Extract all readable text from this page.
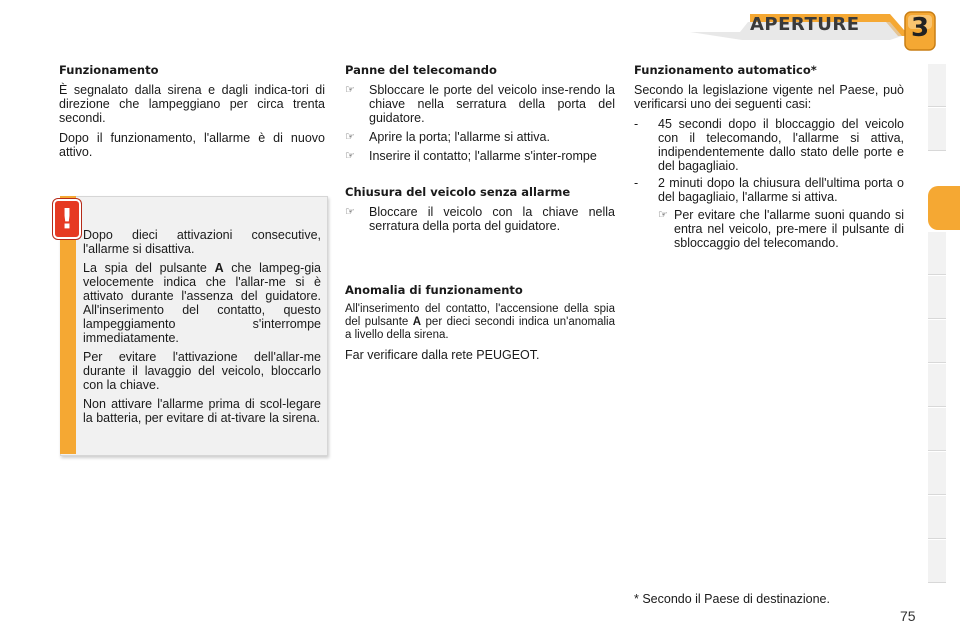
APERTURE	3
Funzionamento

È segnalato dalla sirena e dagli indica-tori di direzione che lampeggiano per circa trenta secondi.

Dopo il funzionamento, l'allarme è di nuovo attivo.

! Dopo dieci attivazioni consecutive, l'allarme si disattiva.

La spia del pulsante A che lampeg-gia velocemente indica che l'allar-me si è attivato durante l'assenza del guidatore. All'inserimento del contatto, questo lampeggiamento s'interrompe immediatamente.

Per evitare l'attivazione dell'allar-me durante il lavaggio del veicolo, bloccarlo con la chiave.

Non attivare l'allarme prima di scol-legare la batteria, per evitare di at-tivare la sirena.

Panne del telecomando
☞	Sbloccare le porte del veicolo inse-rendo la chiave nella serratura della porta del guidatore.
☞	Aprire la porta; l'allarme si attiva.
☞	Inserire il contatto; l'allarme s'inter-rompe
Chiusura del veicolo senza allarme
☞	Bloccare il veicolo con la chiave nella serratura della porta del guidatore.
Anomalia di funzionamento

All'inserimento del contatto, l'accensione della spia del pulsante A per dieci secondi indica un'anomalia a livello della sirena.

Far verificare dalla rete PEUGEOT.

Funzionamento automatico*

Secondo la legislazione vigente nel Paese, può verificarsi uno dei seguenti casi:

-	45 secondi dopo il bloccaggio del veicolo con il telecomando, l'allarme si attiva, indipendentemente dallo stato delle porte e del bagagliaio.
-	2 minuti dopo la chiusura dell'ultima porta o del bagagliaio, l'allarme si attiva.
☞ Per evitare che l'allarme suoni quando si entra nel veicolo, pre-mere il pulsante di sbloccaggio del telecomando.
* Secondo il Paese di destinazione.
75
